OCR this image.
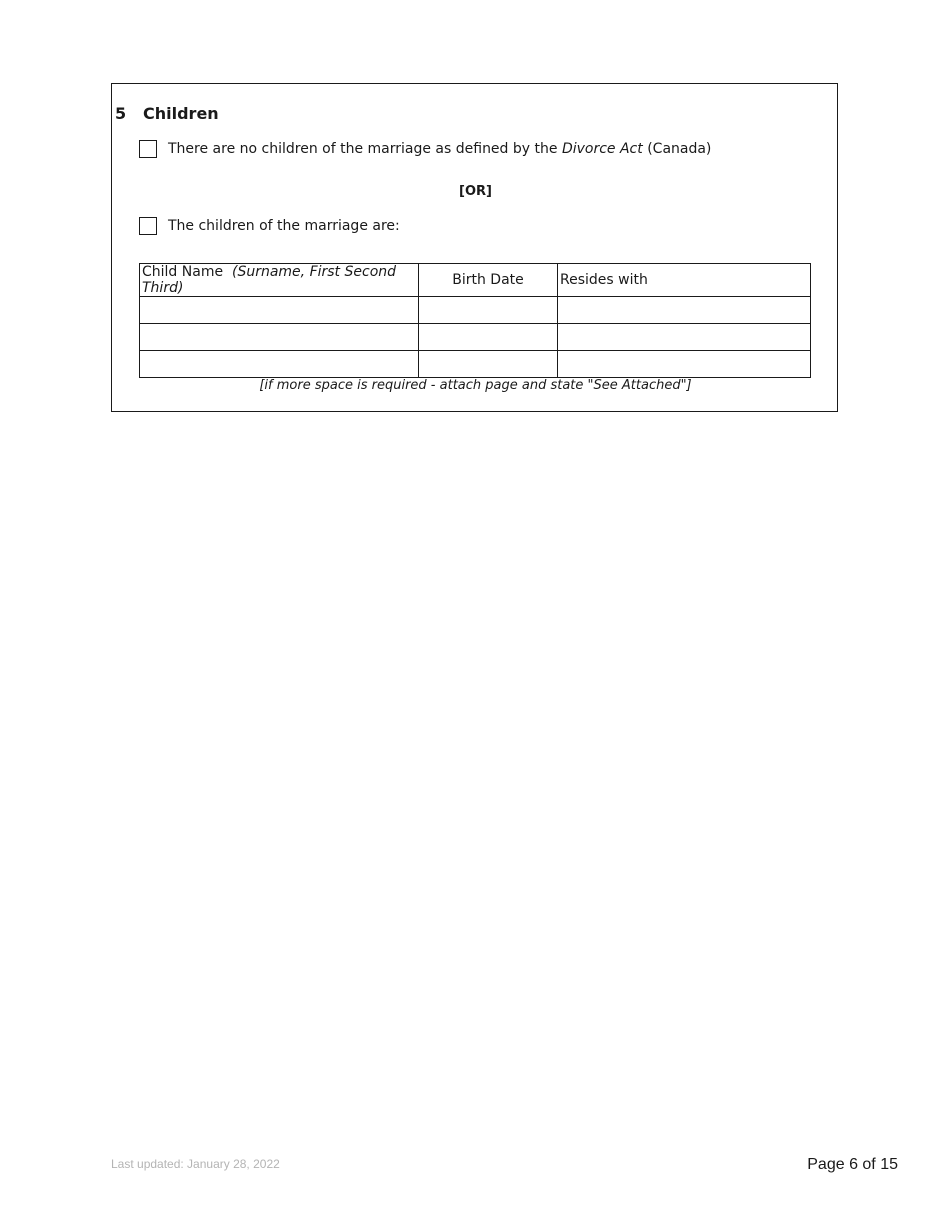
5 Children
There are no children of the marriage as defined by the Divorce Act (Canada)
[OR]
The children of the marriage are:
Child Name (Surname, First Second Third)	Birth Date	Resides with

[if more space is required - attach page and state "See Attached"]
Last updated: January 28, 2022	Page 6 of 15
